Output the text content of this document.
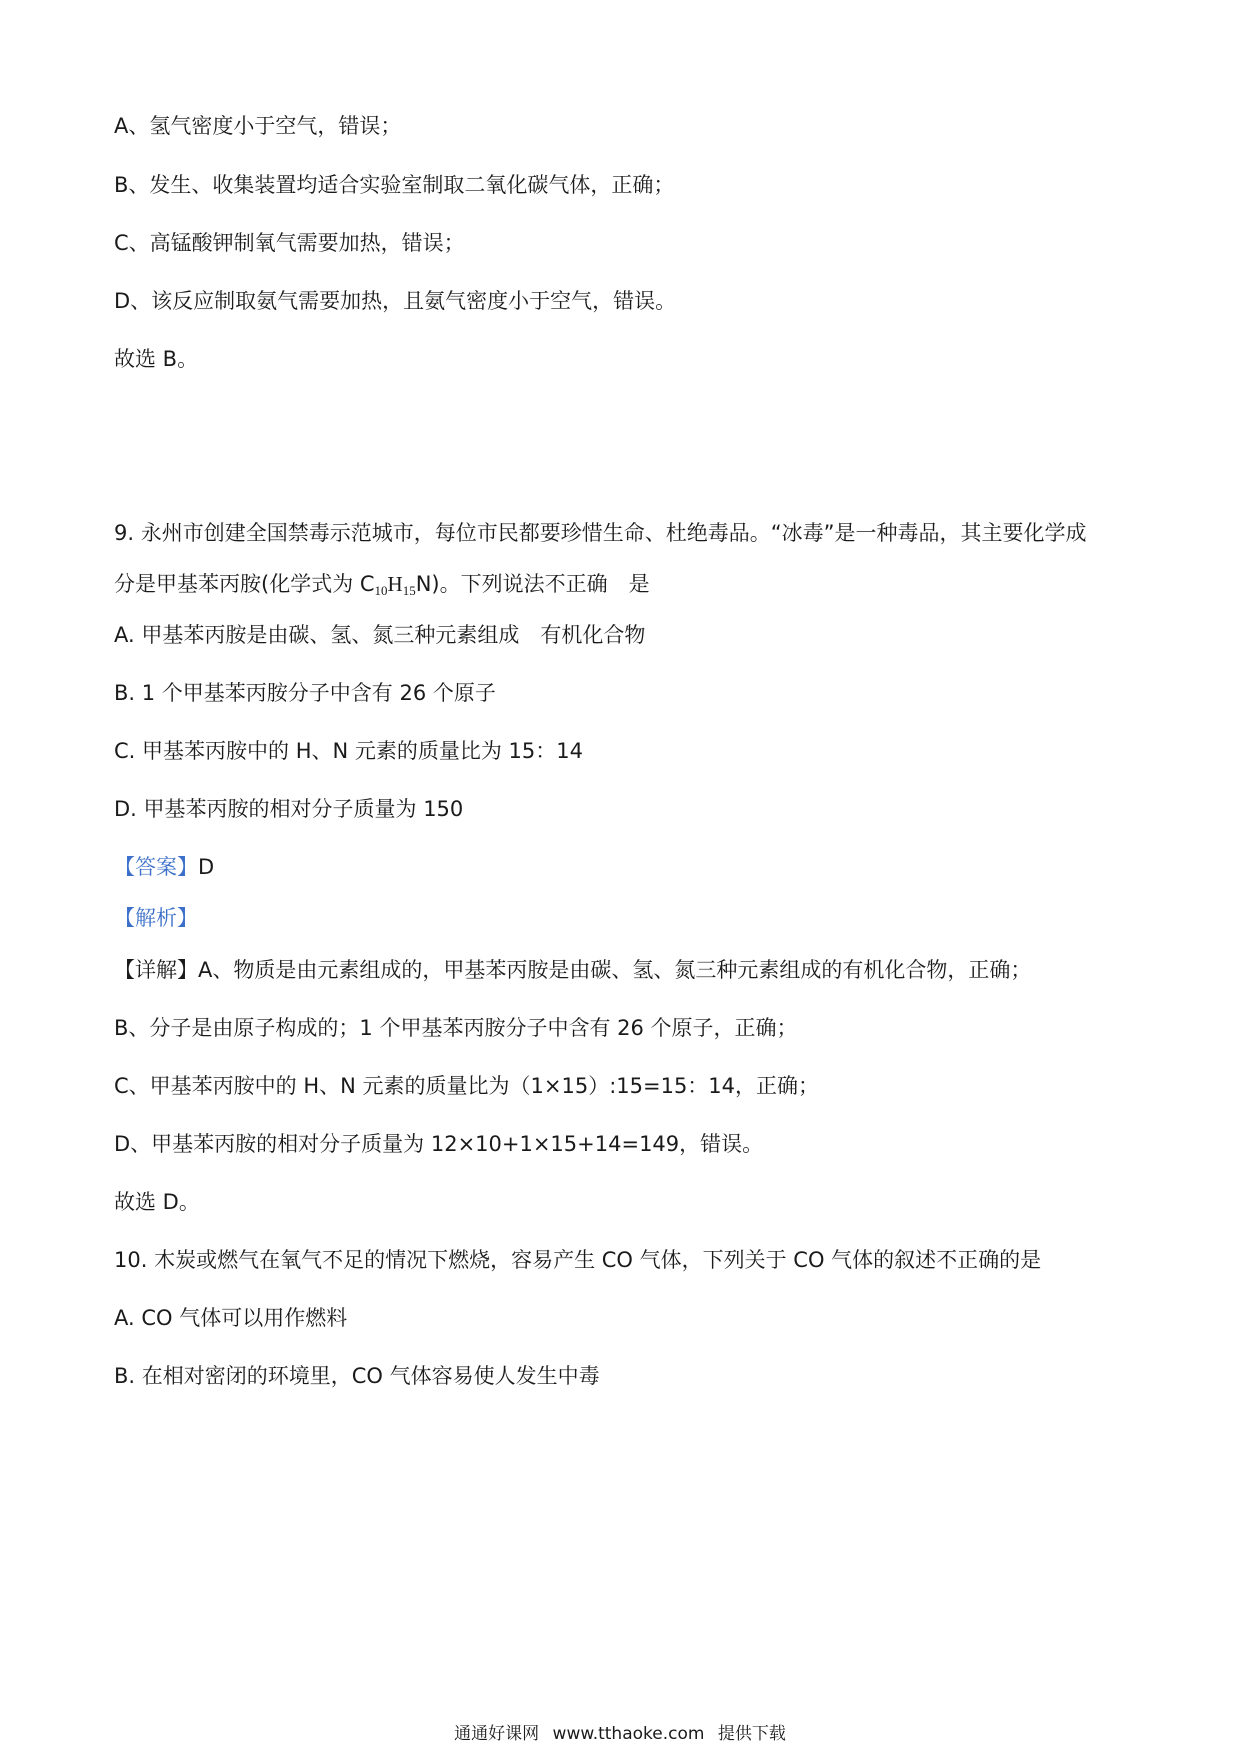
A、氢气密度小于空气，错误；
B、发生、收集装置均适合实验室制取二氧化碳气体，正确；
C、高锰酸钾制氧气需要加热，错误；
D、该反应制取氨气需要加热，且氨气密度小于空气，错误。
故选 B。
9. 永州市创建全国禁毒示范城市，每位市民都要珍惜生命、杜绝毒品。“冰毒”是一种毒品，其主要化学成
分是甲基苯丙胺(化学式为 $C_{10}H_{15}N$)。下列说法不正确　是
A. 甲基苯丙胺是由碳、氢、氮三种元素组成　有机化合物
B. 1 个甲基苯丙胺分子中含有 26 个原子
C. 甲基苯丙胺中的 H、N 元素的质量比为 15：14
D. 甲基苯丙胺的相对分子质量为 150
【答案】D
【解析】
【详解】A、物质是由元素组成的，甲基苯丙胺是由碳、氢、氮三种元素组成的有机化合物，正确；
B、分子是由原子构成的；1 个甲基苯丙胺分子中含有 26 个原子，正确；
C、甲基苯丙胺中的 H、N 元素的质量比为（1×15）:15=15：14，正确；
D、甲基苯丙胺的相对分子质量为 12×10+1×15+14=149，错误。
故选 D。
10. 木炭或燃气在氧气不足的情况下燃烧，容易产生 CO 气体，下列关于 CO 气体的叙述不正确的是
A. CO 气体可以用作燃料
B. 在相对密闭的环境里，CO 气体容易使人发生中毒
通通好课网 www.tthaoke.com 提供下载
